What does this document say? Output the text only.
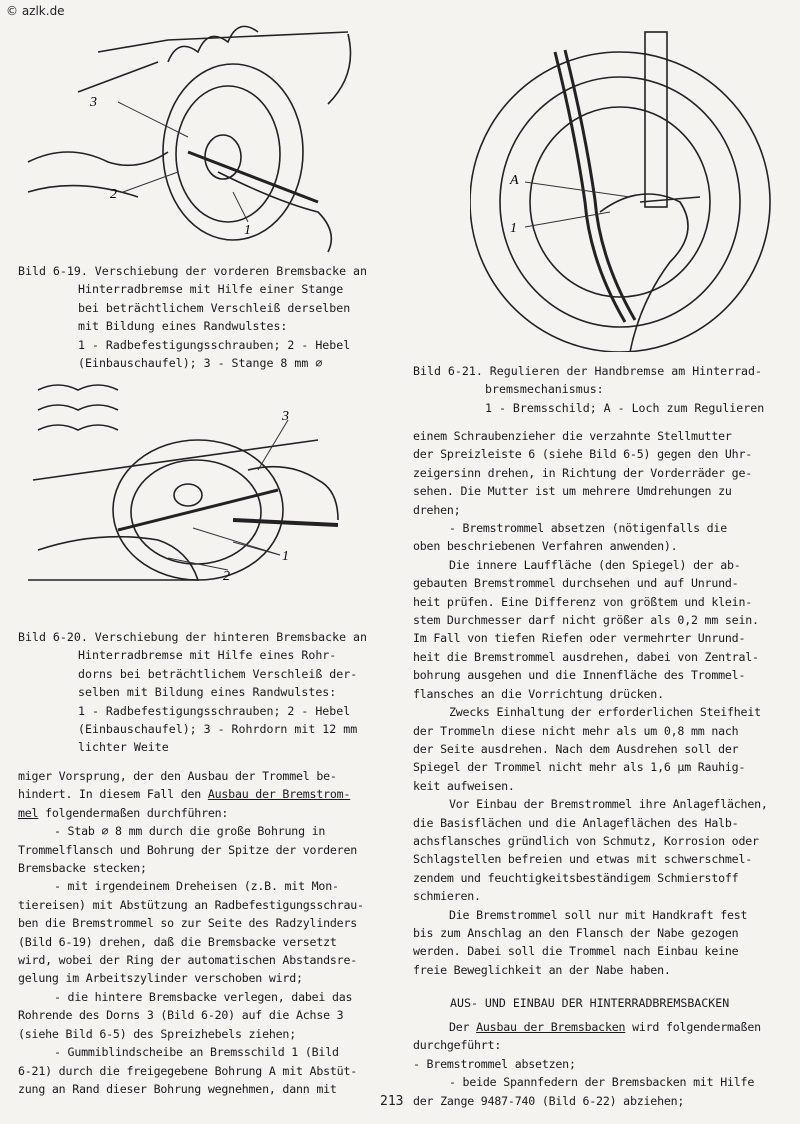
© azlk.de
3
2
1
Bild 6-19. Verschiebung der vorderen Bremsbacke an
Hinterradbremse mit Hilfe einer Stange
bei beträchtlichem Verschleiß derselben
mit Bildung eines Randwulstes:
1 - Radbefestigungsschrauben; 2 - Hebel
(Einbauschaufel); 3 - Stange 8 mm ∅
3
1
2
Bild 6-20. Verschiebung der hinteren Bremsbacke an
Hinterradbremse mit Hilfe eines Rohr-
dorns bei beträchtlichem Verschleiß der-
selben mit Bildung eines Randwulstes:
1 - Radbefestigungsschrauben; 2 - Hebel
(Einbauschaufel); 3 - Rohrdorn mit 12 mm
lichter Weite

miger Vorsprung, der den Ausbau der Trommel be-

hindert. In diesem Fall den Ausbau der Bremstrom-

mel folgendermaßen durchführen:

- Stab ∅ 8 mm durch die große Bohrung in

Trommelflansch und Bohrung der Spitze der vorderen

Bremsbacke stecken;

- mit irgendeinem Dreheisen (z.B. mit Mon-

tiereisen) mit Abstützung an Radbefestigungsschrau-

ben die Bremstrommel so zur Seite des Radzylinders

(Bild 6-19) drehen, daß die Bremsbacke versetzt

wird, wobei der Ring der automatischen Abstandsre-

gelung im Arbeitszylinder verschoben wird;

- die hintere Bremsbacke verlegen, dabei das

Rohrende des Dorns 3 (Bild 6-20) auf die Achse 3

(siehe Bild 6-5) des Spreizhebels ziehen;

- Gummiblindscheibe an Bremsschild 1 (Bild

6-21) durch die freigegebene Bohrung A mit Abstüt-

zung an Rand dieser Bohrung wegnehmen, dann mit

A
1
Bild 6-21. Regulieren der Handbremse am Hinterrad-
bremsmechanismus:
1 - Bremsschild; A - Loch zum Regulieren

einem Schraubenzieher die verzahnte Stellmutter

der Spreizleiste 6 (siehe Bild 6-5) gegen den Uhr-

zeigersinn drehen, in Richtung der Vorderräder ge-

sehen. Die Mutter ist um mehrere Umdrehungen zu

drehen;

- Bremstrommel absetzen (nötigenfalls die

oben beschriebenen Verfahren anwenden).

Die innere Lauffläche (den Spiegel) der ab-

gebauten Bremstrommel durchsehen und auf Unrund-

heit prüfen. Eine Differenz von größtem und klein-

stem Durchmesser darf nicht größer als 0,2 mm sein.

Im Fall von tiefen Riefen oder vermehrter Unrund-

heit die Bremstrommel ausdrehen, dabei von Zentral-

bohrung ausgehen und die Innenfläche des Trommel-

flansches an die Vorrichtung drücken.

Zwecks Einhaltung der erforderlichen Steifheit

der Trommeln diese nicht mehr als um 0,8 mm nach

der Seite ausdrehen. Nach dem Ausdrehen soll der

Spiegel der Trommel nicht mehr als 1,6 µm Rauhig-

keit aufweisen.

Vor Einbau der Bremstrommel ihre Anlageflächen,

die Basisflächen und die Anlageflächen des Halb-

achsflansches gründlich von Schmutz, Korrosion oder

Schlagstellen befreien und etwas mit schwerschmel-

zendem und feuchtigkeitsbeständigem Schmierstoff

schmieren.

Die Bremstrommel soll nur mit Handkraft fest

bis zum Anschlag an den Flansch der Nabe gezogen

werden. Dabei soll die Trommel nach Einbau keine

freie Beweglichkeit an der Nabe haben.

AUS- UND EINBAU DER HINTERRADBREMSBACKEN

Der Ausbau der Bremsbacken wird folgendermaßen

durchgeführt:

- Bremstrommel absetzen;

- beide Spannfedern der Bremsbacken mit Hilfe

der Zange 9487-740 (Bild 6-22) abziehen;

213
